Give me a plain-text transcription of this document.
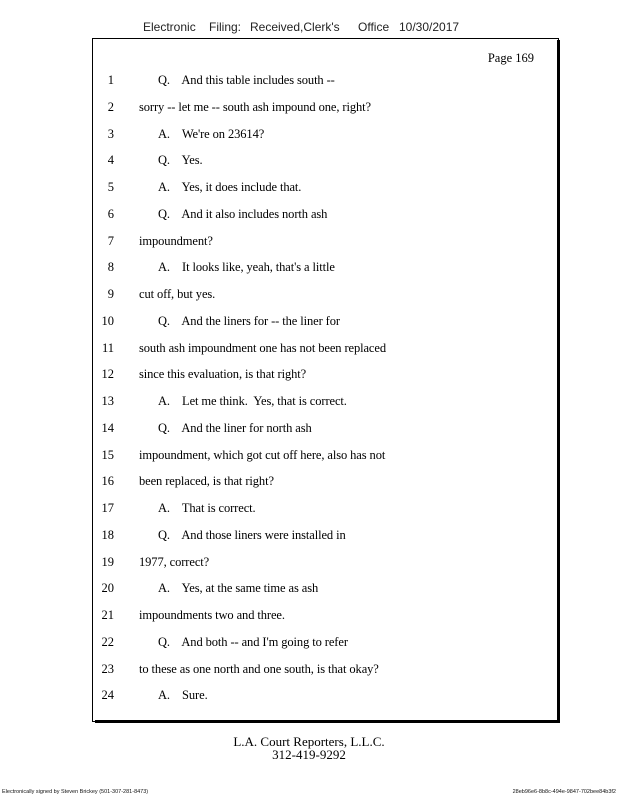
Electronic

Filing:

Received,Clerk's

Office

10/30/2017

Page 169
1	Q.    And this table includes south --
2 sorry -- let me -- south ash impound one, right?
3	A.    We're on 23614?
4	Q.    Yes.
5	A.    Yes, it does include that.
6	Q.    And it also includes north ash
7 impoundment?
8	A.    It looks like, yeah, that's a little
9 cut off, but yes.
10	Q.    And the liners for -- the liner for
11 south ash impoundment one has not been replaced
12 since this evaluation, is that right?
13	A.    Let me think.  Yes, that is correct.
14	Q.    And the liner for north ash
15 impoundment, which got cut off here, also has not
16 been replaced, is that right?
17	A.    That is correct.
18	Q.    And those liners were installed in
19 1977, correct?
20	A.    Yes, at the same time as ash
21 impoundments two and three.
22	Q.    And both -- and I'm going to refer
23 to these as one north and one south, is that okay?
24	A.    Sure.
L.A. Court Reporters, L.L.C.
312-419-9292
Electronically signed by Steven Brickey (501-307-281-8473)	28eb96e6-8b8c-494e-9847-702bee84b3f2
